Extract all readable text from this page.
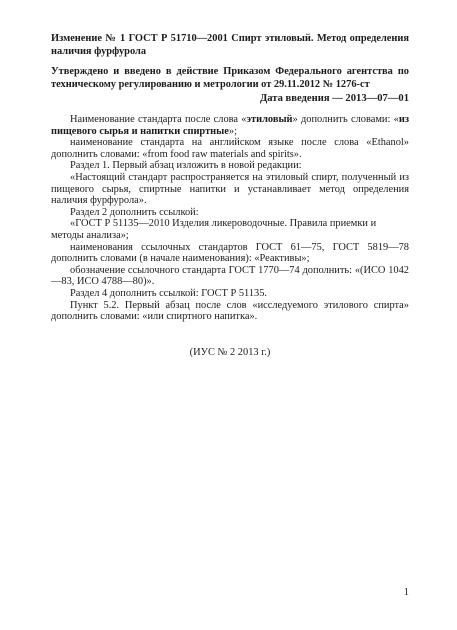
Изменение № 1 ГОСТ Р 51710—2001 Спирт этиловый. Метод определения наличия фурфурола
Утверждено и введено в действие Приказом Федерального агентства по техническому регулированию и метрологии от 29.11.2012 № 1276-ст
Дата введения — 2013—07—01

Наименование стандарта после слова «этиловый» дополнить словами: «из пищевого сырья и напитки спиртные»;

наименование стандарта на английском языке после слова «Ethanol» дополнить словами: «from food raw materials and spirits».

Раздел 1. Первый абзац изложить в новой редакции:

«Настоящий стандарт распространяется на этиловый спирт, полученный из пищевого сырья, спиртные напитки и устанавливает метод определения наличия фурфурола».

Раздел 2 дополнить ссылкой:

«ГОСТ Р 51135—2010 Изделия ликероводочные. Правила приемки и методы анализа»;

наименования ссылочных стандартов ГОСТ 61—75, ГОСТ 5819—78 дополнить словами (в начале наименования): «Реактивы»;

обозначение ссылочного стандарта ГОСТ 1770—74 дополнить: «(ИСО 1042—83, ИСО 4788—80)».

Раздел 4 дополнить ссылкой: ГОСТ Р 51135.

Пункт 5.2. Первый абзац после слов «исследуемого этилового спирта» дополнить словами: «или спиртного напитка».

(ИУС № 2 2013 г.)
1
